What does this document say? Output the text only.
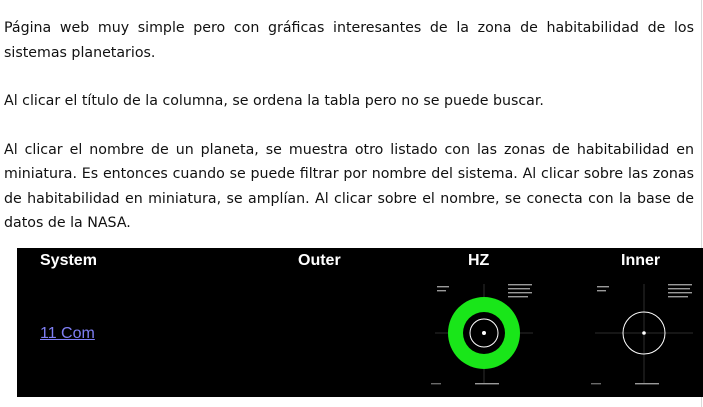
Página web muy simple pero con gráficas interesantes de la zona de habitabilidad de los sistemas planetarios.

Al clicar el título de la columna, se ordena la tabla pero no se puede buscar.

Al clicar el nombre de un planeta, se muestra otro listado con las zonas de habitabilidad en miniatura. Es entonces cuando se puede filtrar por nombre del sistema. Al clicar sobre las zonas de habitabilidad en miniatura, se amplían. Al clicar sobre el nombre, se conecta con la base de datos de la NASA.

System	Outer	HZ	Inner
11 Com
